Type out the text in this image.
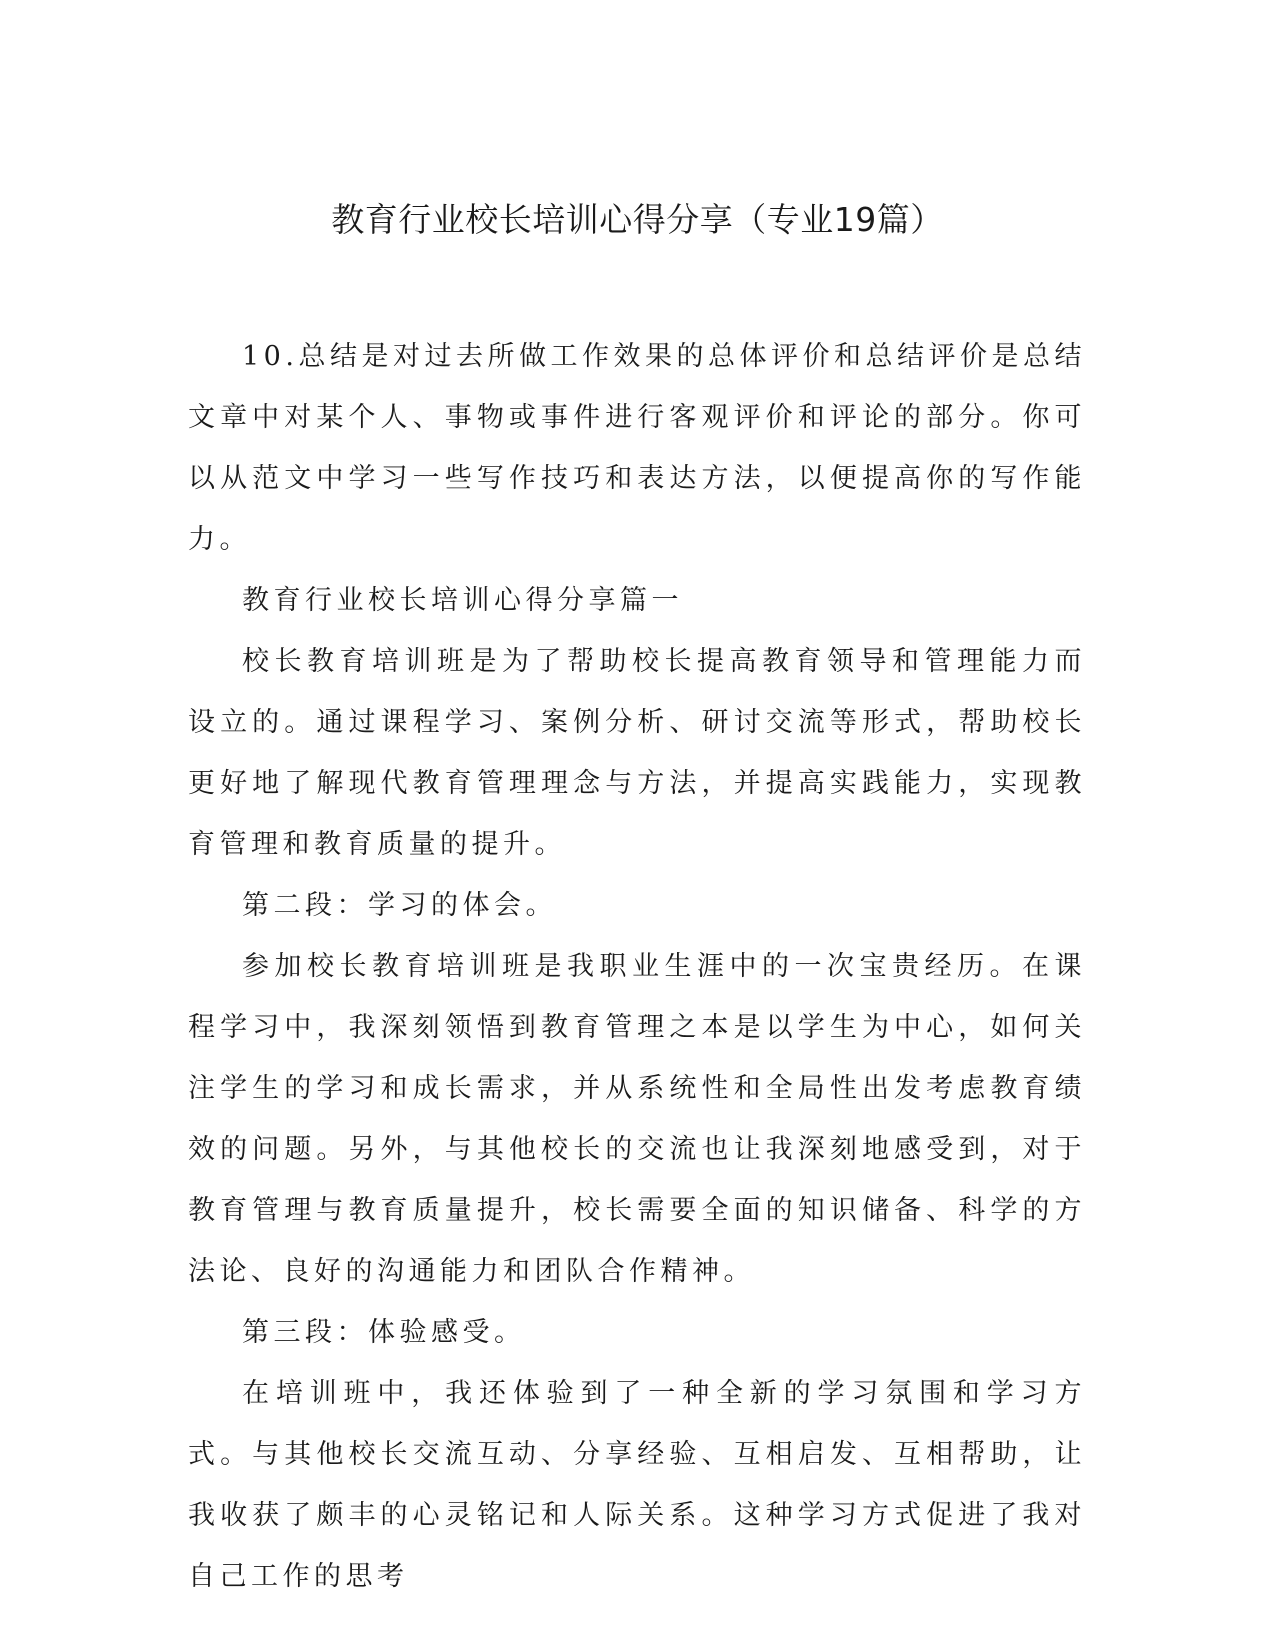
教育行业校长培训心得分享（专业19篇）

10.总结是对过去所做工作效果的总体评价和总结评价是总结文章中对某个人、事物或事件进行客观评价和评论的部分。你可以从范文中学习一些写作技巧和表达方法，以便提高你的写作能力。

教育行业校长培训心得分享篇一

校长教育培训班是为了帮助校长提高教育领导和管理能力而设立的。通过课程学习、案例分析、研讨交流等形式，帮助校长更好地了解现代教育管理理念与方法，并提高实践能力，实现教育管理和教育质量的提升。

第二段：学习的体会。

参加校长教育培训班是我职业生涯中的一次宝贵经历。在课程学习中，我深刻领悟到教育管理之本是以学生为中心，如何关注学生的学习和成长需求，并从系统性和全局性出发考虑教育绩效的问题。另外，与其他校长的交流也让我深刻地感受到，对于教育管理与教育质量提升，校长需要全面的知识储备、科学的方法论、良好的沟通能力和团队合作精神。

第三段：体验感受。

在培训班中，我还体验到了一种全新的学习氛围和学习方式。与其他校长交流互动、分享经验、互相启发、互相帮助，让我收获了颇丰的心灵铭记和人际关系。这种学习方式促进了我对自己工作的思考
